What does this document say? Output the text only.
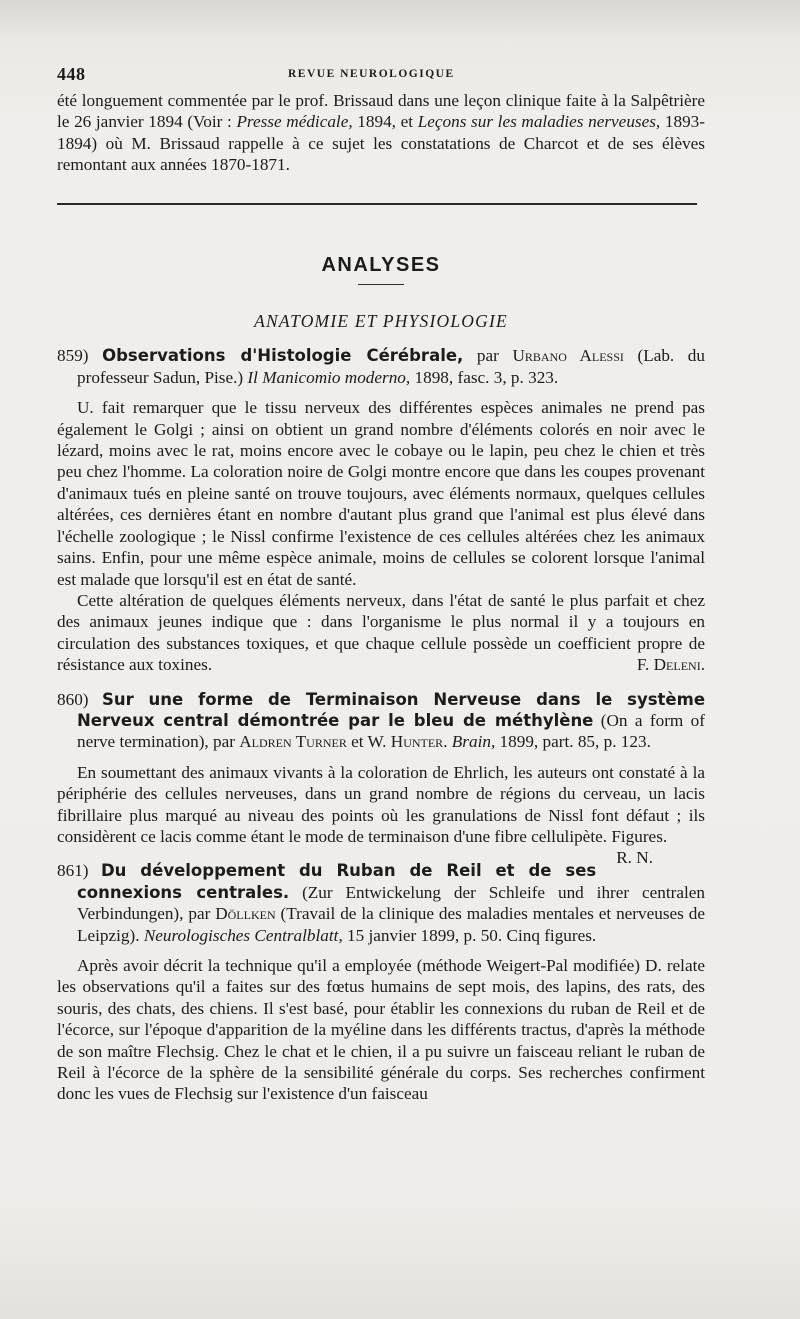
448	REVUE NEUROLOGIQUE

été longuement commentée par le prof. Brissaud dans une leçon clinique faite à la Salpêtrière le 26 janvier 1894 (Voir : Presse médicale, 1894, et Leçons sur les maladies nerveuses, 1893-1894) où M. Brissaud rappelle à ce sujet les constatations de Charcot et de ses élèves remontant aux années 1870-1871.

ANALYSES
ANATOMIE ET PHYSIOLOGIE

859) Observations d'Histologie Cérébrale, par Urbano Alessi (Lab. du professeur Sadun, Pise.) Il Manicomio moderno, 1898, fasc. 3, p. 323.

U. fait remarquer que le tissu nerveux des différentes espèces animales ne prend pas également le Golgi ; ainsi on obtient un grand nombre d'éléments colorés en noir avec le lézard, moins avec le rat, moins encore avec le cobaye ou le lapin, peu chez le chien et très peu chez l'homme. La coloration noire de Golgi montre encore que dans les coupes provenant d'animaux tués en pleine santé on trouve toujours, avec éléments normaux, quelques cellules altérées, ces dernières étant en nombre d'autant plus grand que l'animal est plus élevé dans l'échelle zoologique ; le Nissl confirme l'existence de ces cellules altérées chez les animaux sains. Enfin, pour une même espèce animale, moins de cellules se colorent lorsque l'animal est malade que lorsqu'il est en état de santé.

Cette altération de quelques éléments nerveux, dans l'état de santé le plus parfait et chez des animaux jeunes indique que : dans l'organisme le plus normal il y a toujours en circulation des substances toxiques, et que chaque cellule possède un coefficient propre de résistance aux toxines.	F. Deleni.

860) Sur une forme de Terminaison Nerveuse dans le système Nerveux central démontrée par le bleu de méthylène (On a form of nerve termination), par Aldren Turner et W. Hunter. Brain, 1899, part. 85, p. 123.

En soumettant des animaux vivants à la coloration de Ehrlich, les auteurs ont constaté à la périphérie des cellules nerveuses, dans un grand nombre de régions du cerveau, un lacis fibrillaire plus marqué au niveau des points où les granulations de Nissl font défaut ; ils considèrent ce lacis comme étant le mode de terminaison d'une fibre cellulipète. Figures.
R. N.

861) Du développement du Ruban de Reil et de ses connexions centrales. (Zur Entwickelung der Schleife und ihrer centralen Verbindungen), par Döllken (Travail de la clinique des maladies mentales et nerveuses de Leipzig). Neurologisches Centralblatt, 15 janvier 1899, p. 50. Cinq figures.

Après avoir décrit la technique qu'il a employée (méthode Weigert-Pal modifiée) D. relate les observations qu'il a faites sur des fœtus humains de sept mois, des lapins, des rats, des souris, des chats, des chiens. Il s'est basé, pour établir les connexions du ruban de Reil et de l'écorce, sur l'époque d'apparition de la myéline dans les différents tractus, d'après la méthode de son maître Flechsig. Chez le chat et le chien, il a pu suivre un faisceau reliant le ruban de Reil à l'écorce de la sphère de la sensibilité générale du corps. Ses recherches confirment donc les vues de Flechsig sur l'existence d'un faisceau
